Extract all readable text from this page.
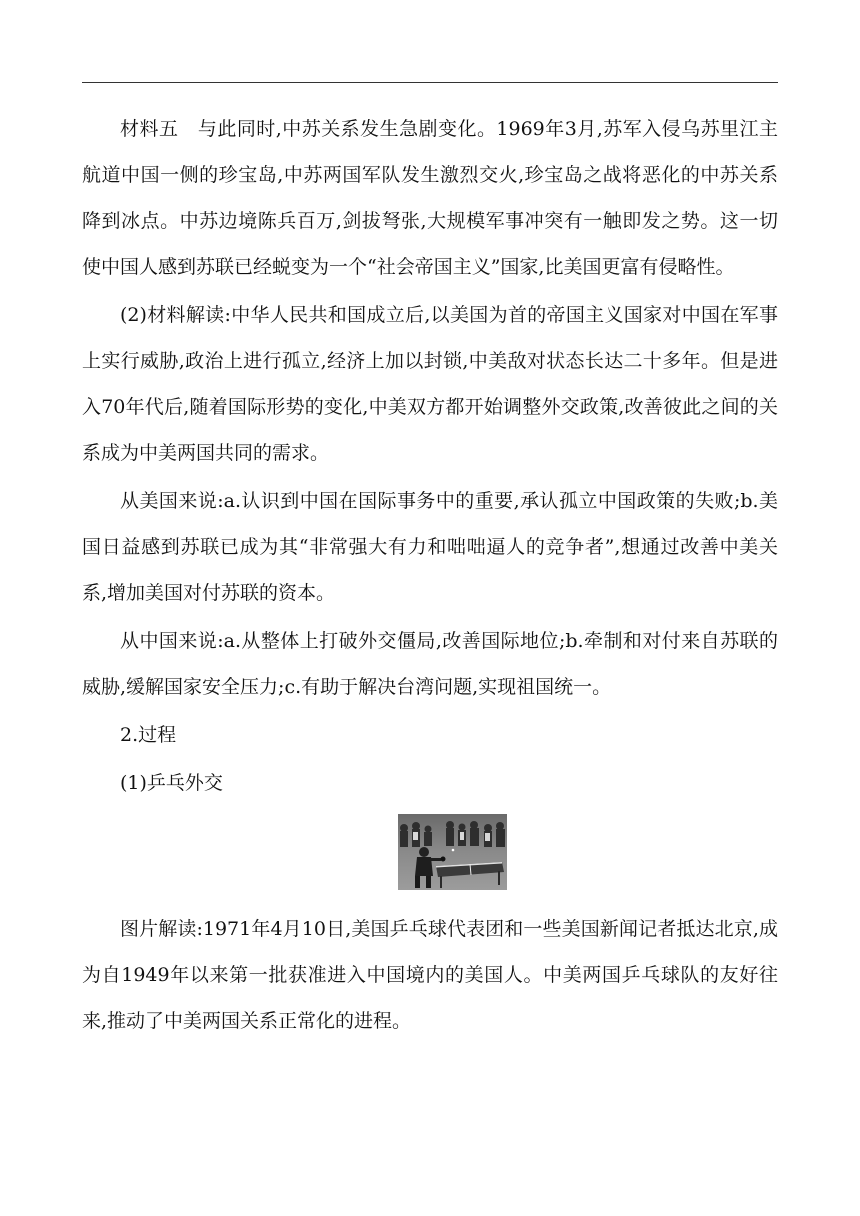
材料五　与此同时,中苏关系发生急剧变化。1969年3月,苏军入侵乌苏里江主航道中国一侧的珍宝岛,中苏两国军队发生激烈交火,珍宝岛之战将恶化的中苏关系降到冰点。中苏边境陈兵百万,剑拔弩张,大规模军事冲突有一触即发之势。这一切使中国人感到苏联已经蜕变为一个“社会帝国主义”国家,比美国更富有侵略性。

(2)材料解读:中华人民共和国成立后,以美国为首的帝国主义国家对中国在军事上实行威胁,政治上进行孤立,经济上加以封锁,中美敌对状态长达二十多年。但是进入70年代后,随着国际形势的变化,中美双方都开始调整外交政策,改善彼此之间的关系成为中美两国共同的需求。

从美国来说:a.认识到中国在国际事务中的重要,承认孤立中国政策的失败;b.美国日益感到苏联已成为其“非常强大有力和咄咄逼人的竞争者”,想通过改善中美关系,增加美国对付苏联的资本。

从中国来说:a.从整体上打破外交僵局,改善国际地位;b.牵制和对付来自苏联的威胁,缓解国家安全压力;c.有助于解决台湾问题,实现祖国统一。

2.过程

(1)乒乓外交

图片解读:1971年4月10日,美国乒乓球代表团和一些美国新闻记者抵达北京,成为自1949年以来第一批获准进入中国境内的美国人。中美两国乒乓球队的友好往来,推动了中美两国关系正常化的进程。
